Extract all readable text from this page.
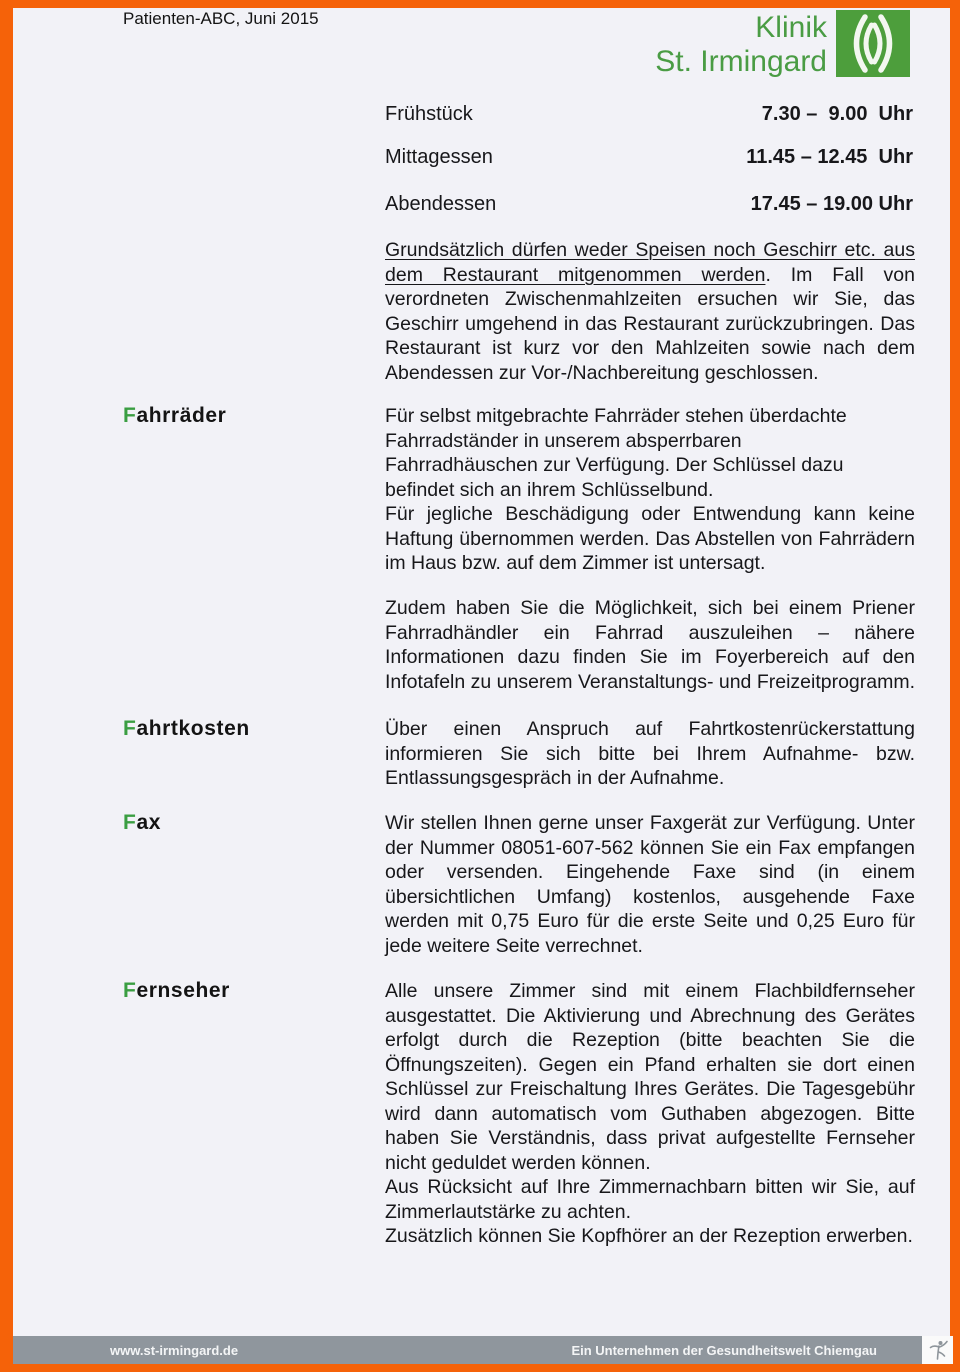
Patienten-ABC, Juni 2015	Klinik
St. Irmingard
Frühstück	7.30 –  9.00  Uhr
Mittagessen	11.45 – 12.45  Uhr
Abendessen	17.45 – 19.00 Uhr

Grundsätzlich dürfen weder Speisen noch Geschirr etc. aus dem Restaurant mitgenommen werden. Im Fall von verordneten Zwischenmahlzeiten ersuchen wir Sie, das Geschirr umgehend in das Restaurant zurückzubringen. Das Restaurant ist kurz vor den Mahlzeiten sowie nach dem Abendessen zur Vor-/Nachbereitung geschlossen.

Fahrräder	Für selbst mitgebrachte Fahrräder stehen überdachte
Fahrradständer in unserem absperrbaren
Fahrradhäuschen zur Verfügung. Der Schlüssel dazu
befindet sich an ihrem Schlüsselbund.

Für jegliche Beschädigung oder Entwendung kann keine Haftung übernommen werden. Das Abstellen von Fahrrädern im Haus bzw. auf dem Zimmer ist untersagt.

Zudem haben Sie die Möglichkeit, sich bei einem Priener Fahrradhändler ein Fahrrad auszuleihen – nähere Informationen dazu finden Sie im Foyerbereich auf den Infotafeln zu unserem Veranstaltungs- und Freizeitprogramm.

Fahrtkosten	Über einen Anspruch auf Fahrtkostenrückerstattung informieren Sie sich bitte bei Ihrem Aufnahme- bzw. Entlassungsgespräch in der Aufnahme.

Fax	Wir stellen Ihnen gerne unser Faxgerät zur Verfügung. Unter der Nummer 08051-607-562 können Sie ein Fax empfangen oder versenden. Eingehende Faxe sind (in einem übersichtlichen Umfang) kostenlos, ausgehende Faxe werden mit 0,75 Euro für die erste Seite und 0,25 Euro für jede weitere Seite verrechnet.

Fernseher	Alle unsere Zimmer sind mit einem Flachbildfernseher ausgestattet. Die Aktivierung und Abrechnung des Gerätes erfolgt durch die Rezeption (bitte beachten Sie die Öffnungszeiten). Gegen ein Pfand erhalten sie dort einen Schlüssel zur Freischaltung Ihres Gerätes. Die Tagesgebühr wird dann automatisch vom Guthaben abgezogen. Bitte haben Sie Verständnis, dass privat aufgestellte Fernseher nicht geduldet werden können.

Aus Rücksicht auf Ihre Zimmernachbarn bitten wir Sie, auf Zimmerlautstärke zu achten.

Zusätzlich können Sie Kopfhörer an der Rezeption erwerben.

www.st-irmingard.de	Ein Unternehmen der Gesundheitswelt Chiemgau
